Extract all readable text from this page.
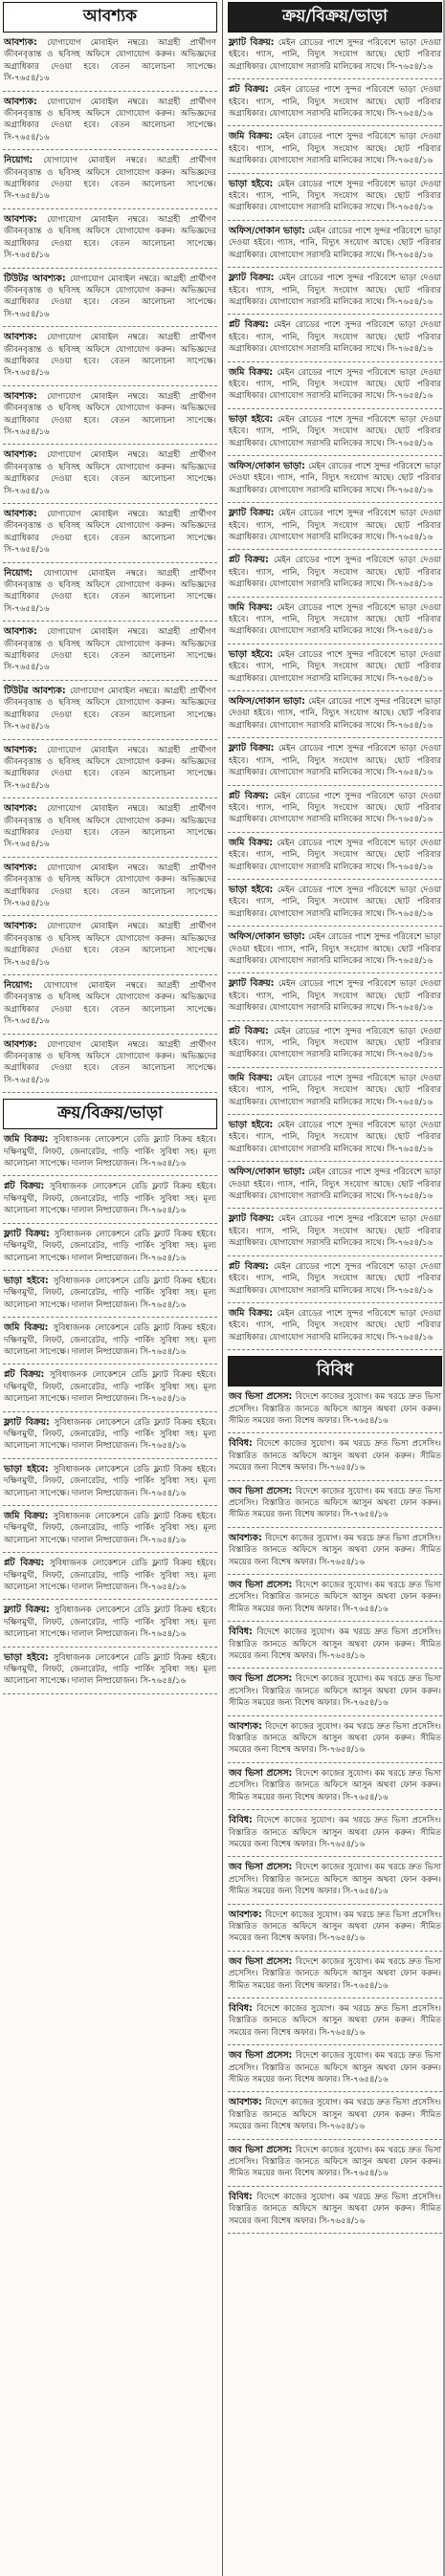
আবশ্যক
আবশ্যক: যোগাযোগ মোবাইল নম্বরে। আগ্রহী প্রার্থীগণ জীবনবৃত্তান্ত ও ছবিসহ অফিসে যোগাযোগ করুন। অভিজ্ঞদের অগ্রাধিকার দেওয়া হবে। বেতন আলোচনা সাপেক্ষে। সি-৭৬৫৪/১৬
আবশ্যক: যোগাযোগ মোবাইল নম্বরে। আগ্রহী প্রার্থীগণ জীবনবৃত্তান্ত ও ছবিসহ অফিসে যোগাযোগ করুন। অভিজ্ঞদের অগ্রাধিকার দেওয়া হবে। বেতন আলোচনা সাপেক্ষে। সি-৭৬৫৪/১৬
নিয়োগ: যোগাযোগ মোবাইল নম্বরে। আগ্রহী প্রার্থীগণ জীবনবৃত্তান্ত ও ছবিসহ অফিসে যোগাযোগ করুন। অভিজ্ঞদের অগ্রাধিকার দেওয়া হবে। বেতন আলোচনা সাপেক্ষে। সি-৭৬৫৪/১৬
আবশ্যক: যোগাযোগ মোবাইল নম্বরে। আগ্রহী প্রার্থীগণ জীবনবৃত্তান্ত ও ছবিসহ অফিসে যোগাযোগ করুন। অভিজ্ঞদের অগ্রাধিকার দেওয়া হবে। বেতন আলোচনা সাপেক্ষে। সি-৭৬৫৪/১৬
টিউটর আবশ্যক: যোগাযোগ মোবাইল নম্বরে। আগ্রহী প্রার্থীগণ জীবনবৃত্তান্ত ও ছবিসহ অফিসে যোগাযোগ করুন। অভিজ্ঞদের অগ্রাধিকার দেওয়া হবে। বেতন আলোচনা সাপেক্ষে। সি-৭৬৫৪/১৬
আবশ্যক: যোগাযোগ মোবাইল নম্বরে। আগ্রহী প্রার্থীগণ জীবনবৃত্তান্ত ও ছবিসহ অফিসে যোগাযোগ করুন। অভিজ্ঞদের অগ্রাধিকার দেওয়া হবে। বেতন আলোচনা সাপেক্ষে। সি-৭৬৫৪/১৬
আবশ্যক: যোগাযোগ মোবাইল নম্বরে। আগ্রহী প্রার্থীগণ জীবনবৃত্তান্ত ও ছবিসহ অফিসে যোগাযোগ করুন। অভিজ্ঞদের অগ্রাধিকার দেওয়া হবে। বেতন আলোচনা সাপেক্ষে। সি-৭৬৫৪/১৬
আবশ্যক: যোগাযোগ মোবাইল নম্বরে। আগ্রহী প্রার্থীগণ জীবনবৃত্তান্ত ও ছবিসহ অফিসে যোগাযোগ করুন। অভিজ্ঞদের অগ্রাধিকার দেওয়া হবে। বেতন আলোচনা সাপেক্ষে। সি-৭৬৫৪/১৬
আবশ্যক: যোগাযোগ মোবাইল নম্বরে। আগ্রহী প্রার্থীগণ জীবনবৃত্তান্ত ও ছবিসহ অফিসে যোগাযোগ করুন। অভিজ্ঞদের অগ্রাধিকার দেওয়া হবে। বেতন আলোচনা সাপেক্ষে। সি-৭৬৫৪/১৬
নিয়োগ: যোগাযোগ মোবাইল নম্বরে। আগ্রহী প্রার্থীগণ জীবনবৃত্তান্ত ও ছবিসহ অফিসে যোগাযোগ করুন। অভিজ্ঞদের অগ্রাধিকার দেওয়া হবে। বেতন আলোচনা সাপেক্ষে। সি-৭৬৫৪/১৬
আবশ্যক: যোগাযোগ মোবাইল নম্বরে। আগ্রহী প্রার্থীগণ জীবনবৃত্তান্ত ও ছবিসহ অফিসে যোগাযোগ করুন। অভিজ্ঞদের অগ্রাধিকার দেওয়া হবে। বেতন আলোচনা সাপেক্ষে। সি-৭৬৫৪/১৬
টিউটর আবশ্যক: যোগাযোগ মোবাইল নম্বরে। আগ্রহী প্রার্থীগণ জীবনবৃত্তান্ত ও ছবিসহ অফিসে যোগাযোগ করুন। অভিজ্ঞদের অগ্রাধিকার দেওয়া হবে। বেতন আলোচনা সাপেক্ষে। সি-৭৬৫৪/১৬
আবশ্যক: যোগাযোগ মোবাইল নম্বরে। আগ্রহী প্রার্থীগণ জীবনবৃত্তান্ত ও ছবিসহ অফিসে যোগাযোগ করুন। অভিজ্ঞদের অগ্রাধিকার দেওয়া হবে। বেতন আলোচনা সাপেক্ষে। সি-৭৬৫৪/১৬
আবশ্যক: যোগাযোগ মোবাইল নম্বরে। আগ্রহী প্রার্থীগণ জীবনবৃত্তান্ত ও ছবিসহ অফিসে যোগাযোগ করুন। অভিজ্ঞদের অগ্রাধিকার দেওয়া হবে। বেতন আলোচনা সাপেক্ষে। সি-৭৬৫৪/১৬
আবশ্যক: যোগাযোগ মোবাইল নম্বরে। আগ্রহী প্রার্থীগণ জীবনবৃত্তান্ত ও ছবিসহ অফিসে যোগাযোগ করুন। অভিজ্ঞদের অগ্রাধিকার দেওয়া হবে। বেতন আলোচনা সাপেক্ষে। সি-৭৬৫৪/১৬
আবশ্যক: যোগাযোগ মোবাইল নম্বরে। আগ্রহী প্রার্থীগণ জীবনবৃত্তান্ত ও ছবিসহ অফিসে যোগাযোগ করুন। অভিজ্ঞদের অগ্রাধিকার দেওয়া হবে। বেতন আলোচনা সাপেক্ষে। সি-৭৬৫৪/১৬
নিয়োগ: যোগাযোগ মোবাইল নম্বরে। আগ্রহী প্রার্থীগণ জীবনবৃত্তান্ত ও ছবিসহ অফিসে যোগাযোগ করুন। অভিজ্ঞদের অগ্রাধিকার দেওয়া হবে। বেতন আলোচনা সাপেক্ষে। সি-৭৬৫৪/১৬
আবশ্যক: যোগাযোগ মোবাইল নম্বরে। আগ্রহী প্রার্থীগণ জীবনবৃত্তান্ত ও ছবিসহ অফিসে যোগাযোগ করুন। অভিজ্ঞদের অগ্রাধিকার দেওয়া হবে। বেতন আলোচনা সাপেক্ষে। সি-৭৬৫৪/১৬
ক্রয়/বিক্রয়/ভাড়া
জমি বিক্রয়: সুবিধাজনক লোকেশনে রেডি ফ্ল্যাট বিক্রয় হইবে। দক্ষিণমুখী, লিফট, জেনারেটর, গাড়ি পার্কিং সুবিধা সহ। মূল্য আলোচনা সাপেক্ষে। দালাল নিষ্প্রয়োজন। সি-৭৬৫৪/১৬
প্লট বিক্রয়: সুবিধাজনক লোকেশনে রেডি ফ্ল্যাট বিক্রয় হইবে। দক্ষিণমুখী, লিফট, জেনারেটর, গাড়ি পার্কিং সুবিধা সহ। মূল্য আলোচনা সাপেক্ষে। দালাল নিষ্প্রয়োজন। সি-৭৬৫৪/১৬
ফ্ল্যাট বিক্রয়: সুবিধাজনক লোকেশনে রেডি ফ্ল্যাট বিক্রয় হইবে। দক্ষিণমুখী, লিফট, জেনারেটর, গাড়ি পার্কিং সুবিধা সহ। মূল্য আলোচনা সাপেক্ষে। দালাল নিষ্প্রয়োজন। সি-৭৬৫৪/১৬
ভাড়া হইবে: সুবিধাজনক লোকেশনে রেডি ফ্ল্যাট বিক্রয় হইবে। দক্ষিণমুখী, লিফট, জেনারেটর, গাড়ি পার্কিং সুবিধা সহ। মূল্য আলোচনা সাপেক্ষে। দালাল নিষ্প্রয়োজন। সি-৭৬৫৪/১৬
জমি বিক্রয়: সুবিধাজনক লোকেশনে রেডি ফ্ল্যাট বিক্রয় হইবে। দক্ষিণমুখী, লিফট, জেনারেটর, গাড়ি পার্কিং সুবিধা সহ। মূল্য আলোচনা সাপেক্ষে। দালাল নিষ্প্রয়োজন। সি-৭৬৫৪/১৬
প্লট বিক্রয়: সুবিধাজনক লোকেশনে রেডি ফ্ল্যাট বিক্রয় হইবে। দক্ষিণমুখী, লিফট, জেনারেটর, গাড়ি পার্কিং সুবিধা সহ। মূল্য আলোচনা সাপেক্ষে। দালাল নিষ্প্রয়োজন। সি-৭৬৫৪/১৬
ফ্ল্যাট বিক্রয়: সুবিধাজনক লোকেশনে রেডি ফ্ল্যাট বিক্রয় হইবে। দক্ষিণমুখী, লিফট, জেনারেটর, গাড়ি পার্কিং সুবিধা সহ। মূল্য আলোচনা সাপেক্ষে। দালাল নিষ্প্রয়োজন। সি-৭৬৫৪/১৬
ভাড়া হইবে: সুবিধাজনক লোকেশনে রেডি ফ্ল্যাট বিক্রয় হইবে। দক্ষিণমুখী, লিফট, জেনারেটর, গাড়ি পার্কিং সুবিধা সহ। মূল্য আলোচনা সাপেক্ষে। দালাল নিষ্প্রয়োজন। সি-৭৬৫৪/১৬
জমি বিক্রয়: সুবিধাজনক লোকেশনে রেডি ফ্ল্যাট বিক্রয় হইবে। দক্ষিণমুখী, লিফট, জেনারেটর, গাড়ি পার্কিং সুবিধা সহ। মূল্য আলোচনা সাপেক্ষে। দালাল নিষ্প্রয়োজন। সি-৭৬৫৪/১৬
প্লট বিক্রয়: সুবিধাজনক লোকেশনে রেডি ফ্ল্যাট বিক্রয় হইবে। দক্ষিণমুখী, লিফট, জেনারেটর, গাড়ি পার্কিং সুবিধা সহ। মূল্য আলোচনা সাপেক্ষে। দালাল নিষ্প্রয়োজন। সি-৭৬৫৪/১৬
ফ্ল্যাট বিক্রয়: সুবিধাজনক লোকেশনে রেডি ফ্ল্যাট বিক্রয় হইবে। দক্ষিণমুখী, লিফট, জেনারেটর, গাড়ি পার্কিং সুবিধা সহ। মূল্য আলোচনা সাপেক্ষে। দালাল নিষ্প্রয়োজন। সি-৭৬৫৪/১৬
ভাড়া হইবে: সুবিধাজনক লোকেশনে রেডি ফ্ল্যাট বিক্রয় হইবে। দক্ষিণমুখী, লিফট, জেনারেটর, গাড়ি পার্কিং সুবিধা সহ। মূল্য আলোচনা সাপেক্ষে। দালাল নিষ্প্রয়োজন। সি-৭৬৫৪/১৬
ক্রয়/বিক্রয়/ভাড়া
ফ্ল্যাট বিক্রয়: মেইন রোডের পাশে সুন্দর পরিবেশে ভাড়া দেওয়া হইবে। গ্যাস, পানি, বিদ্যুৎ সংযোগ আছে। ছোট পরিবার অগ্রাধিকার। যোগাযোগ সরাসরি মালিকের সাথে। সি-৭৬৫৪/১৬
প্লট বিক্রয়: মেইন রোডের পাশে সুন্দর পরিবেশে ভাড়া দেওয়া হইবে। গ্যাস, পানি, বিদ্যুৎ সংযোগ আছে। ছোট পরিবার অগ্রাধিকার। যোগাযোগ সরাসরি মালিকের সাথে। সি-৭৬৫৪/১৬
জমি বিক্রয়: মেইন রোডের পাশে সুন্দর পরিবেশে ভাড়া দেওয়া হইবে। গ্যাস, পানি, বিদ্যুৎ সংযোগ আছে। ছোট পরিবার অগ্রাধিকার। যোগাযোগ সরাসরি মালিকের সাথে। সি-৭৬৫৪/১৬
ভাড়া হইবে: মেইন রোডের পাশে সুন্দর পরিবেশে ভাড়া দেওয়া হইবে। গ্যাস, পানি, বিদ্যুৎ সংযোগ আছে। ছোট পরিবার অগ্রাধিকার। যোগাযোগ সরাসরি মালিকের সাথে। সি-৭৬৫৪/১৬
অফিস/দোকান ভাড়া: মেইন রোডের পাশে সুন্দর পরিবেশে ভাড়া দেওয়া হইবে। গ্যাস, পানি, বিদ্যুৎ সংযোগ আছে। ছোট পরিবার অগ্রাধিকার। যোগাযোগ সরাসরি মালিকের সাথে। সি-৭৬৫৪/১৬
ফ্ল্যাট বিক্রয়: মেইন রোডের পাশে সুন্দর পরিবেশে ভাড়া দেওয়া হইবে। গ্যাস, পানি, বিদ্যুৎ সংযোগ আছে। ছোট পরিবার অগ্রাধিকার। যোগাযোগ সরাসরি মালিকের সাথে। সি-৭৬৫৪/১৬
প্লট বিক্রয়: মেইন রোডের পাশে সুন্দর পরিবেশে ভাড়া দেওয়া হইবে। গ্যাস, পানি, বিদ্যুৎ সংযোগ আছে। ছোট পরিবার অগ্রাধিকার। যোগাযোগ সরাসরি মালিকের সাথে। সি-৭৬৫৪/১৬
জমি বিক্রয়: মেইন রোডের পাশে সুন্দর পরিবেশে ভাড়া দেওয়া হইবে। গ্যাস, পানি, বিদ্যুৎ সংযোগ আছে। ছোট পরিবার অগ্রাধিকার। যোগাযোগ সরাসরি মালিকের সাথে। সি-৭৬৫৪/১৬
ভাড়া হইবে: মেইন রোডের পাশে সুন্দর পরিবেশে ভাড়া দেওয়া হইবে। গ্যাস, পানি, বিদ্যুৎ সংযোগ আছে। ছোট পরিবার অগ্রাধিকার। যোগাযোগ সরাসরি মালিকের সাথে। সি-৭৬৫৪/১৬
অফিস/দোকান ভাড়া: মেইন রোডের পাশে সুন্দর পরিবেশে ভাড়া দেওয়া হইবে। গ্যাস, পানি, বিদ্যুৎ সংযোগ আছে। ছোট পরিবার অগ্রাধিকার। যোগাযোগ সরাসরি মালিকের সাথে। সি-৭৬৫৪/১৬
ফ্ল্যাট বিক্রয়: মেইন রোডের পাশে সুন্দর পরিবেশে ভাড়া দেওয়া হইবে। গ্যাস, পানি, বিদ্যুৎ সংযোগ আছে। ছোট পরিবার অগ্রাধিকার। যোগাযোগ সরাসরি মালিকের সাথে। সি-৭৬৫৪/১৬
প্লট বিক্রয়: মেইন রোডের পাশে সুন্দর পরিবেশে ভাড়া দেওয়া হইবে। গ্যাস, পানি, বিদ্যুৎ সংযোগ আছে। ছোট পরিবার অগ্রাধিকার। যোগাযোগ সরাসরি মালিকের সাথে। সি-৭৬৫৪/১৬
জমি বিক্রয়: মেইন রোডের পাশে সুন্দর পরিবেশে ভাড়া দেওয়া হইবে। গ্যাস, পানি, বিদ্যুৎ সংযোগ আছে। ছোট পরিবার অগ্রাধিকার। যোগাযোগ সরাসরি মালিকের সাথে। সি-৭৬৫৪/১৬
ভাড়া হইবে: মেইন রোডের পাশে সুন্দর পরিবেশে ভাড়া দেওয়া হইবে। গ্যাস, পানি, বিদ্যুৎ সংযোগ আছে। ছোট পরিবার অগ্রাধিকার। যোগাযোগ সরাসরি মালিকের সাথে। সি-৭৬৫৪/১৬
অফিস/দোকান ভাড়া: মেইন রোডের পাশে সুন্দর পরিবেশে ভাড়া দেওয়া হইবে। গ্যাস, পানি, বিদ্যুৎ সংযোগ আছে। ছোট পরিবার অগ্রাধিকার। যোগাযোগ সরাসরি মালিকের সাথে। সি-৭৬৫৪/১৬
ফ্ল্যাট বিক্রয়: মেইন রোডের পাশে সুন্দর পরিবেশে ভাড়া দেওয়া হইবে। গ্যাস, পানি, বিদ্যুৎ সংযোগ আছে। ছোট পরিবার অগ্রাধিকার। যোগাযোগ সরাসরি মালিকের সাথে। সি-৭৬৫৪/১৬
প্লট বিক্রয়: মেইন রোডের পাশে সুন্দর পরিবেশে ভাড়া দেওয়া হইবে। গ্যাস, পানি, বিদ্যুৎ সংযোগ আছে। ছোট পরিবার অগ্রাধিকার। যোগাযোগ সরাসরি মালিকের সাথে। সি-৭৬৫৪/১৬
জমি বিক্রয়: মেইন রোডের পাশে সুন্দর পরিবেশে ভাড়া দেওয়া হইবে। গ্যাস, পানি, বিদ্যুৎ সংযোগ আছে। ছোট পরিবার অগ্রাধিকার। যোগাযোগ সরাসরি মালিকের সাথে। সি-৭৬৫৪/১৬
ভাড়া হইবে: মেইন রোডের পাশে সুন্দর পরিবেশে ভাড়া দেওয়া হইবে। গ্যাস, পানি, বিদ্যুৎ সংযোগ আছে। ছোট পরিবার অগ্রাধিকার। যোগাযোগ সরাসরি মালিকের সাথে। সি-৭৬৫৪/১৬
অফিস/দোকান ভাড়া: মেইন রোডের পাশে সুন্দর পরিবেশে ভাড়া দেওয়া হইবে। গ্যাস, পানি, বিদ্যুৎ সংযোগ আছে। ছোট পরিবার অগ্রাধিকার। যোগাযোগ সরাসরি মালিকের সাথে। সি-৭৬৫৪/১৬
ফ্ল্যাট বিক্রয়: মেইন রোডের পাশে সুন্দর পরিবেশে ভাড়া দেওয়া হইবে। গ্যাস, পানি, বিদ্যুৎ সংযোগ আছে। ছোট পরিবার অগ্রাধিকার। যোগাযোগ সরাসরি মালিকের সাথে। সি-৭৬৫৪/১৬
প্লট বিক্রয়: মেইন রোডের পাশে সুন্দর পরিবেশে ভাড়া দেওয়া হইবে। গ্যাস, পানি, বিদ্যুৎ সংযোগ আছে। ছোট পরিবার অগ্রাধিকার। যোগাযোগ সরাসরি মালিকের সাথে। সি-৭৬৫৪/১৬
জমি বিক্রয়: মেইন রোডের পাশে সুন্দর পরিবেশে ভাড়া দেওয়া হইবে। গ্যাস, পানি, বিদ্যুৎ সংযোগ আছে। ছোট পরিবার অগ্রাধিকার। যোগাযোগ সরাসরি মালিকের সাথে। সি-৭৬৫৪/১৬
ভাড়া হইবে: মেইন রোডের পাশে সুন্দর পরিবেশে ভাড়া দেওয়া হইবে। গ্যাস, পানি, বিদ্যুৎ সংযোগ আছে। ছোট পরিবার অগ্রাধিকার। যোগাযোগ সরাসরি মালিকের সাথে। সি-৭৬৫৪/১৬
অফিস/দোকান ভাড়া: মেইন রোডের পাশে সুন্দর পরিবেশে ভাড়া দেওয়া হইবে। গ্যাস, পানি, বিদ্যুৎ সংযোগ আছে। ছোট পরিবার অগ্রাধিকার। যোগাযোগ সরাসরি মালিকের সাথে। সি-৭৬৫৪/১৬
ফ্ল্যাট বিক্রয়: মেইন রোডের পাশে সুন্দর পরিবেশে ভাড়া দেওয়া হইবে। গ্যাস, পানি, বিদ্যুৎ সংযোগ আছে। ছোট পরিবার অগ্রাধিকার। যোগাযোগ সরাসরি মালিকের সাথে। সি-৭৬৫৪/১৬
প্লট বিক্রয়: মেইন রোডের পাশে সুন্দর পরিবেশে ভাড়া দেওয়া হইবে। গ্যাস, পানি, বিদ্যুৎ সংযোগ আছে। ছোট পরিবার অগ্রাধিকার। যোগাযোগ সরাসরি মালিকের সাথে। সি-৭৬৫৪/১৬
জমি বিক্রয়: মেইন রোডের পাশে সুন্দর পরিবেশে ভাড়া দেওয়া হইবে। গ্যাস, পানি, বিদ্যুৎ সংযোগ আছে। ছোট পরিবার অগ্রাধিকার। যোগাযোগ সরাসরি মালিকের সাথে। সি-৭৬৫৪/১৬
বিবিধ
জব ভিসা প্রসেস: বিদেশে কাজের সুযোগ। কম খরচে দ্রুত ভিসা প্রসেসিং। বিস্তারিত জানতে অফিসে আসুন অথবা ফোন করুন। সীমিত সময়ের জন্য বিশেষ অফার। সি-৭৬৫৪/১৬
বিবিধ: বিদেশে কাজের সুযোগ। কম খরচে দ্রুত ভিসা প্রসেসিং। বিস্তারিত জানতে অফিসে আসুন অথবা ফোন করুন। সীমিত সময়ের জন্য বিশেষ অফার। সি-৭৬৫৪/১৬
জব ভিসা প্রসেস: বিদেশে কাজের সুযোগ। কম খরচে দ্রুত ভিসা প্রসেসিং। বিস্তারিত জানতে অফিসে আসুন অথবা ফোন করুন। সীমিত সময়ের জন্য বিশেষ অফার। সি-৭৬৫৪/১৬
আবশ্যক: বিদেশে কাজের সুযোগ। কম খরচে দ্রুত ভিসা প্রসেসিং। বিস্তারিত জানতে অফিসে আসুন অথবা ফোন করুন। সীমিত সময়ের জন্য বিশেষ অফার। সি-৭৬৫৪/১৬
জব ভিসা প্রসেস: বিদেশে কাজের সুযোগ। কম খরচে দ্রুত ভিসা প্রসেসিং। বিস্তারিত জানতে অফিসে আসুন অথবা ফোন করুন। সীমিত সময়ের জন্য বিশেষ অফার। সি-৭৬৫৪/১৬
বিবিধ: বিদেশে কাজের সুযোগ। কম খরচে দ্রুত ভিসা প্রসেসিং। বিস্তারিত জানতে অফিসে আসুন অথবা ফোন করুন। সীমিত সময়ের জন্য বিশেষ অফার। সি-৭৬৫৪/১৬
জব ভিসা প্রসেস: বিদেশে কাজের সুযোগ। কম খরচে দ্রুত ভিসা প্রসেসিং। বিস্তারিত জানতে অফিসে আসুন অথবা ফোন করুন। সীমিত সময়ের জন্য বিশেষ অফার। সি-৭৬৫৪/১৬
আবশ্যক: বিদেশে কাজের সুযোগ। কম খরচে দ্রুত ভিসা প্রসেসিং। বিস্তারিত জানতে অফিসে আসুন অথবা ফোন করুন। সীমিত সময়ের জন্য বিশেষ অফার। সি-৭৬৫৪/১৬
জব ভিসা প্রসেস: বিদেশে কাজের সুযোগ। কম খরচে দ্রুত ভিসা প্রসেসিং। বিস্তারিত জানতে অফিসে আসুন অথবা ফোন করুন। সীমিত সময়ের জন্য বিশেষ অফার। সি-৭৬৫৪/১৬
বিবিধ: বিদেশে কাজের সুযোগ। কম খরচে দ্রুত ভিসা প্রসেসিং। বিস্তারিত জানতে অফিসে আসুন অথবা ফোন করুন। সীমিত সময়ের জন্য বিশেষ অফার। সি-৭৬৫৪/১৬
জব ভিসা প্রসেস: বিদেশে কাজের সুযোগ। কম খরচে দ্রুত ভিসা প্রসেসিং। বিস্তারিত জানতে অফিসে আসুন অথবা ফোন করুন। সীমিত সময়ের জন্য বিশেষ অফার। সি-৭৬৫৪/১৬
আবশ্যক: বিদেশে কাজের সুযোগ। কম খরচে দ্রুত ভিসা প্রসেসিং। বিস্তারিত জানতে অফিসে আসুন অথবা ফোন করুন। সীমিত সময়ের জন্য বিশেষ অফার। সি-৭৬৫৪/১৬
জব ভিসা প্রসেস: বিদেশে কাজের সুযোগ। কম খরচে দ্রুত ভিসা প্রসেসিং। বিস্তারিত জানতে অফিসে আসুন অথবা ফোন করুন। সীমিত সময়ের জন্য বিশেষ অফার। সি-৭৬৫৪/১৬
বিবিধ: বিদেশে কাজের সুযোগ। কম খরচে দ্রুত ভিসা প্রসেসিং। বিস্তারিত জানতে অফিসে আসুন অথবা ফোন করুন। সীমিত সময়ের জন্য বিশেষ অফার। সি-৭৬৫৪/১৬
জব ভিসা প্রসেস: বিদেশে কাজের সুযোগ। কম খরচে দ্রুত ভিসা প্রসেসিং। বিস্তারিত জানতে অফিসে আসুন অথবা ফোন করুন। সীমিত সময়ের জন্য বিশেষ অফার। সি-৭৬৫৪/১৬
আবশ্যক: বিদেশে কাজের সুযোগ। কম খরচে দ্রুত ভিসা প্রসেসিং। বিস্তারিত জানতে অফিসে আসুন অথবা ফোন করুন। সীমিত সময়ের জন্য বিশেষ অফার। সি-৭৬৫৪/১৬
জব ভিসা প্রসেস: বিদেশে কাজের সুযোগ। কম খরচে দ্রুত ভিসা প্রসেসিং। বিস্তারিত জানতে অফিসে আসুন অথবা ফোন করুন। সীমিত সময়ের জন্য বিশেষ অফার। সি-৭৬৫৪/১৬
বিবিধ: বিদেশে কাজের সুযোগ। কম খরচে দ্রুত ভিসা প্রসেসিং। বিস্তারিত জানতে অফিসে আসুন অথবা ফোন করুন। সীমিত সময়ের জন্য বিশেষ অফার। সি-৭৬৫৪/১৬
